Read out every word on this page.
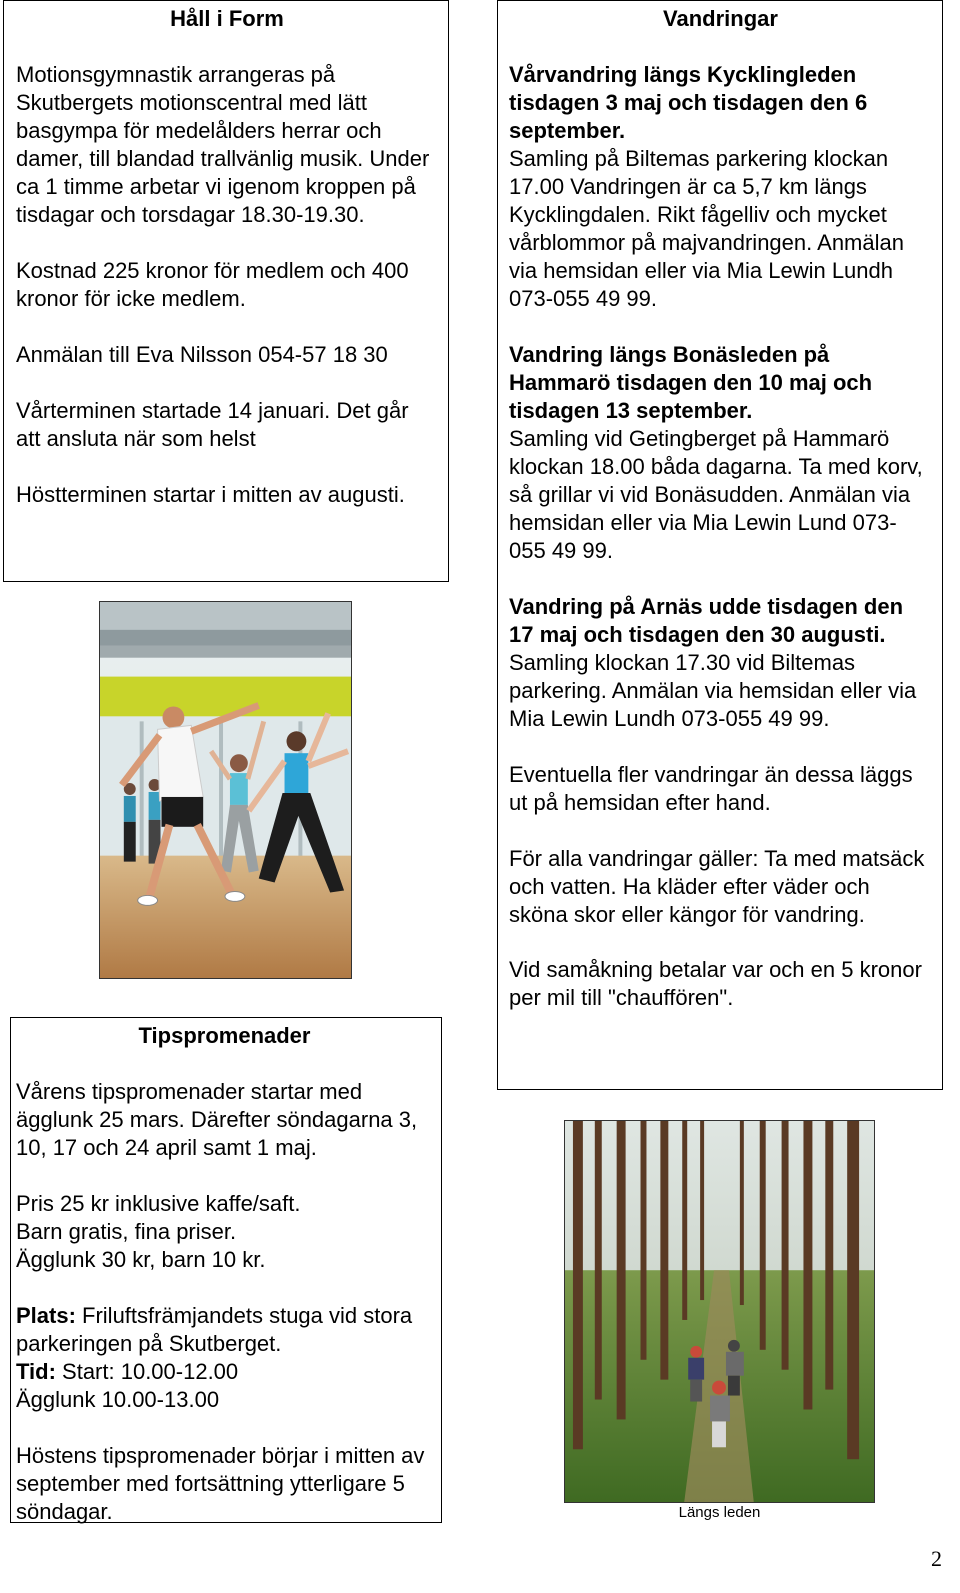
Håll i Form

Motionsgymnastik arrangeras på Skutbergets motionscentral med lätt basgympa för medelålders herrar och damer, till blandad trallvänlig musik. Under ca 1 timme arbetar vi igenom kroppen på tisdagar och torsdagar 18.30-19.30.

Kostnad 225 kronor för medlem och 400 kronor för icke medlem.

Anmälan till Eva Nilsson 054-57 18 30

Vårterminen startade 14 januari. Det går att ansluta när som helst

Höstterminen startar i mitten av augusti.

Vandringar

Vårvandring längs Kycklingleden tisdagen 3 maj och tisdagen den 6 september.

Samling på Biltemas parkering klockan 17.00 Vandringen är ca 5,7 km längs Kycklingdalen. Rikt fågelliv och mycket vårblommor på majvandringen. Anmälan via hemsidan eller via Mia Lewin Lundh 073-055 49 99.

Vandring längs Bonäsleden på Hammarö tisdagen den 10 maj och tisdagen 13 september.

Samling vid Getingberget på Hammarö klockan 18.00 båda dagarna. Ta med korv, så grillar vi vid Bonäsudden. Anmälan via hemsidan eller via Mia Lewin Lund 073-055 49 99.

Vandring på Arnäs udde tisdagen den 17 maj och tisdagen den 30 augusti.

Samling klockan 17.30 vid Biltemas parkering. Anmälan via hemsidan eller via Mia Lewin Lundh 073-055 49 99.

Eventuella fler vandringar än dessa läggs ut på hemsidan efter hand.

För alla vandringar gäller: Ta med matsäck och vatten. Ha kläder efter väder och sköna skor eller kängor för vandring.

Vid samåkning betalar var och en 5 kronor per mil till "chauffören".

Tipspromenader

Vårens tipspromenader startar med ägglunk 25 mars. Därefter söndagarna 3, 10, 17 och 24 april samt 1 maj.

Pris 25 kr inklusive kaffe/saft.

Barn gratis, fina priser.

Ägglunk 30 kr, barn 10 kr.

Plats: Friluftsfrämjandets stuga vid stora parkeringen på Skutberget.

Tid: Start: 10.00-12.00

Ägglunk 10.00-13.00

Höstens tipspromenader börjar i mitten av september med fortsättning ytterligare 5 söndagar.	Längs leden
2
